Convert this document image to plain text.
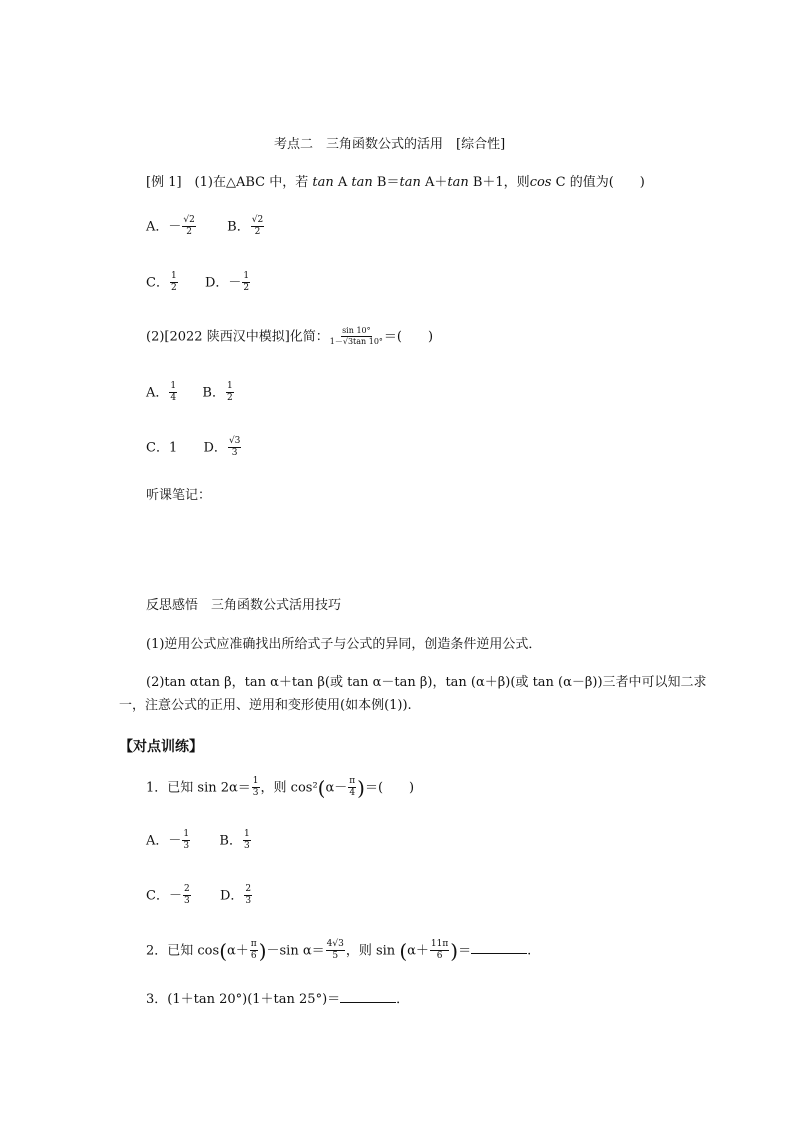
考点二　三角函数公式的活用　[综合性]
[例 1]　(1)在△ABC 中，若 tan A tan B＝tan A＋tan B＋1，则cos C 的值为(　　)
A．－ $\frac{√2}{2}$ B． $\frac{√2}{2}$
C． $\frac{1}{2}$ D．－ $\frac{1}{2}$
(2)[2022 陕西汉中模拟]化简： $\frac{\sin 10^\circ}{1-√3\tan 10^\circ}$ ＝(　　)
A． $\frac{1}{4}$ B． $\frac{1}{2}$
C．1 D． $\frac{√3}{3}$
听课笔记：
反思感悟　三角函数公式活用技巧
(1)逆用公式应准确找出所给式子与公式的异同，创造条件逆用公式．
(2)tan αtan β，tan α＋tan β(或 tan α－tan β)，tan (α＋β)(或 tan (α－β))三者中可以知二求
一，注意公式的正用、逆用和变形使用(如本例(1)).
【对点训练】
1．已知 $\sin 2\alpha= \frac{1}{3}$ ，则 $\cos^2(\alpha- \frac{\pi}{4}$ )＝(　　)
A．－ $\frac{1}{3}$ B． $\frac{1}{3}$
C．－ $\frac{2}{3}$ D． $\frac{2}{3}$
2．已知 $\cos(\alpha+ \frac{\pi}{6} )-\sin$ $\alpha= \frac{4√3}{5}$ ，则 $\sin (\alpha+ \frac{11\pi}{6}$ )＝	.
3．(1＋tan 20°)(1＋tan 25°)＝	．
